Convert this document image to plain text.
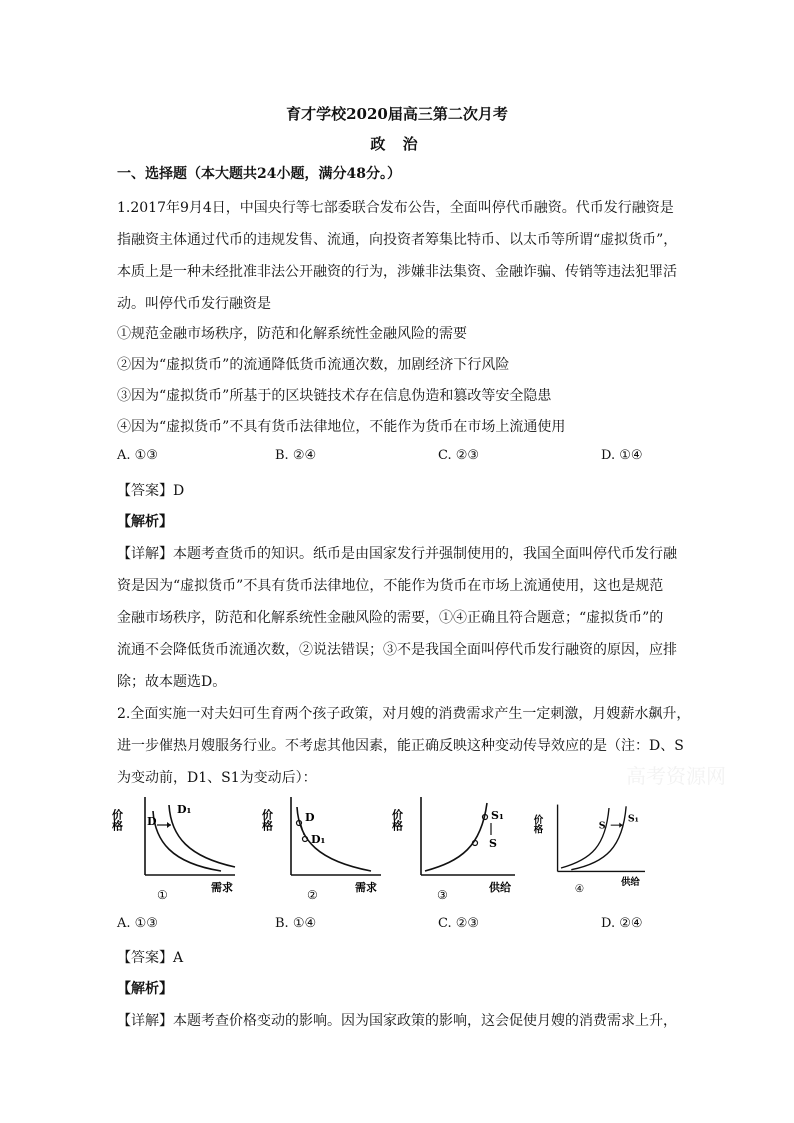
育才学校2020届高三第二次月考
政 治
一、选择题（本大题共24小题，满分48分。）
1.2017年9月4日，中国央行等七部委联合发布公告，全面叫停代币融资。代币发行融资是
指融资主体通过代币的违规发售、流通，向投资者筹集比特币、以太币等所谓“虚拟货币”，
本质上是一种未经批准非法公开融资的行为，涉嫌非法集资、金融诈骗、传销等违法犯罪活
动。叫停代币发行融资是
①规范金融市场秩序，防范和化解系统性金融风险的需要
②因为“虚拟货币”的流通降低货币流通次数，加剧经济下行风险
③因为“虚拟货币”所基于的区块链技术存在信息伪造和篡改等安全隐患
④因为“虚拟货币”不具有货币法律地位，不能作为货币在市场上流通使用
A. ①③	B. ②④	C. ②③	D. ①④
【答案】D
【解析】
【详解】本题考查货币的知识。纸币是由国家发行并强制使用的，我国全面叫停代币发行融
资是因为“虚拟货币”不具有货币法律地位，不能作为货币在市场上流通使用，这也是规范
金融市场秩序，防范和化解系统性金融风险的需要，①④正确且符合题意；“虚拟货币”的
流通不会降低货币流通次数，②说法错误；③不是我国全面叫停代币发行融资的原因，应排
除；故本题选D。
2.全面实施一对夫妇可生育两个孩子政策，对月嫂的消费需求产生一定刺激，月嫂薪水飙升，
进一步催热月嫂服务行业。不考虑其他因素，能正确反映这种变动传导效应的是（注：D、S
为变动前，D1、S1为变动后）：	高考资源网
价格 D
D₁
需求
①
价格	D
D₁
需求
②
价格	S₁
S
供给
③
价格	S
S₁
供给
④
A. ①③	B. ①④	C. ②③	D. ②④
【答案】A
【解析】
【详解】本题考查价格变动的影响。因为国家政策的影响，这会促使月嫂的消费需求上升，
